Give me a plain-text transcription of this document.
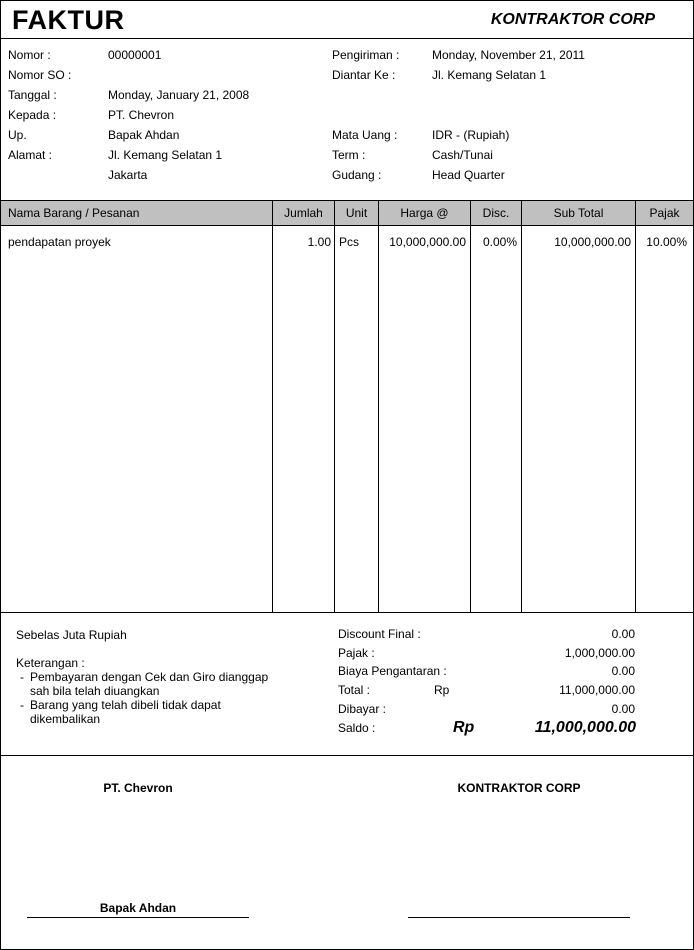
FAKTUR	KONTRAKTOR CORP
Nomor :	00000001
Nomor SO :
Tanggal :	Monday, January 21, 2008
Kepada :	PT. Chevron
Up.	Bapak Ahdan
Alamat :	Jl. Kemang Selatan 1
Jakarta
Pengiriman :	Monday, November 21, 2011
Diantar Ke :	Jl. Kemang Selatan 1
Mata Uang :	IDR - (Rupiah)
Term :	Cash/Tunai
Gudang :	Head Quarter
Nama Barang / Pesanan	Jumlah	Unit	Harga @	Disc.	Sub Total	Pajak
pendapatan proyek	1.00 Pcs	10,000,000.00	0.00%	10,000,000.00	10.00%
Sebelas Juta Rupiah
Keterangan :
- Pembayaran dengan Cek dan Giro dianggap
sah bila telah diuangkan
- Barang yang telah dibeli tidak dapat
dikembalikan
Discount Final :	0.00
Pajak :	1,000,000.00
Biaya Pengantaran :	0.00
Total :	Rp	11,000,000.00
Dibayar :	0.00
Saldo :	Rp	11,000,000.00
PT. Chevron	KONTRAKTOR CORP
Bapak Ahdan
